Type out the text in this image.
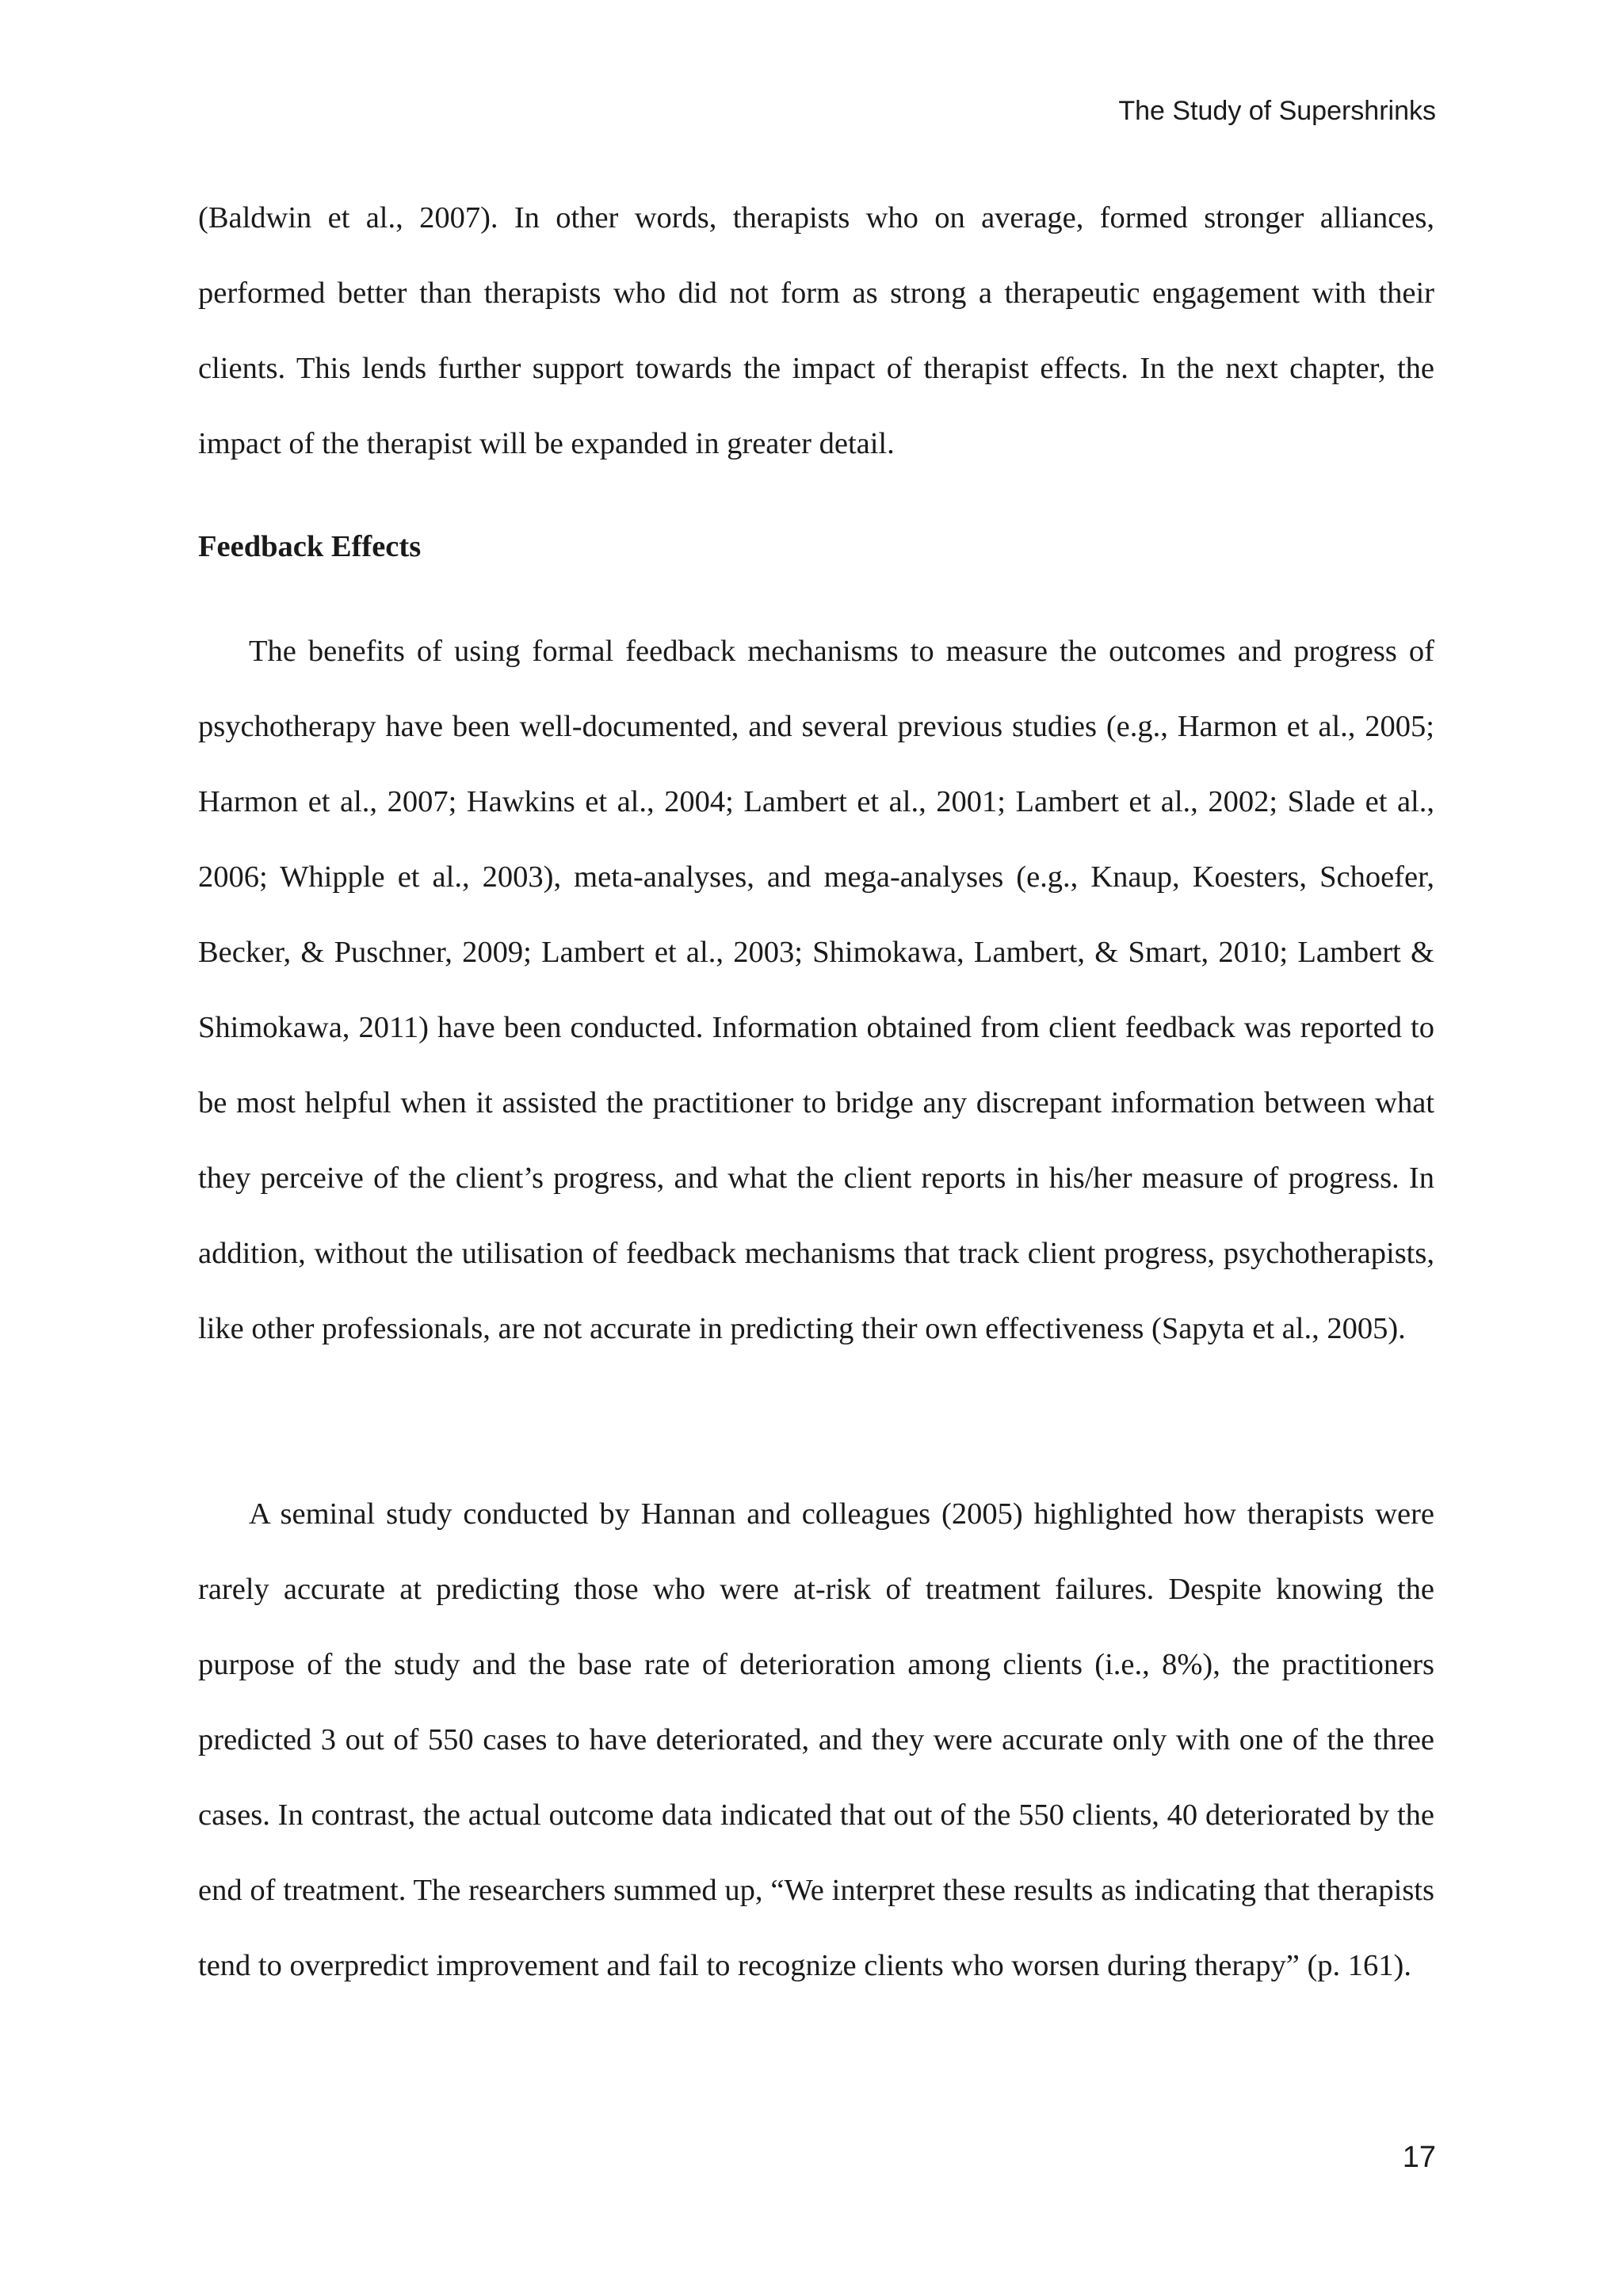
The Study of Supershrinks

(Baldwin et al., 2007). In other words, therapists who on average, formed stronger alliances, performed better than therapists who did not form as strong a therapeutic engagement with their clients. This lends further support towards the impact of therapist effects. In the next chapter, the impact of the therapist will be expanded in greater detail.

Feedback Effects

The benefits of using formal feedback mechanisms to measure the outcomes and progress of psychotherapy have been well-documented, and several previous studies (e.g., Harmon et al., 2005; Harmon et al., 2007; Hawkins et al., 2004; Lambert et al., 2001; Lambert et al., 2002; Slade et al., 2006; Whipple et al., 2003), meta-analyses, and mega-analyses (e.g., Knaup, Koesters, Schoefer, Becker, & Puschner, 2009; Lambert et al., 2003; Shimokawa, Lambert, & Smart, 2010; Lambert & Shimokawa, 2011) have been conducted. Information obtained from client feedback was reported to be most helpful when it assisted the practitioner to bridge any discrepant information between what they perceive of the client’s progress, and what the client reports in his/her measure of progress. In addition, without the utilisation of feedback mechanisms that track client progress, psychotherapists, like other professionals, are not accurate in predicting their own effectiveness (Sapyta et al., 2005).

A seminal study conducted by Hannan and colleagues (2005) highlighted how therapists were rarely accurate at predicting those who were at-risk of treatment failures. Despite knowing the purpose of the study and the base rate of deterioration among clients (i.e., 8%), the practitioners predicted 3 out of 550 cases to have deteriorated, and they were accurate only with one of the three cases. In contrast, the actual outcome data indicated that out of the 550 clients, 40 deteriorated by the end of treatment. The researchers summed up, “We interpret these results as indicating that therapists tend to overpredict improvement and fail to recognize clients who worsen during therapy” (p. 161).

17
